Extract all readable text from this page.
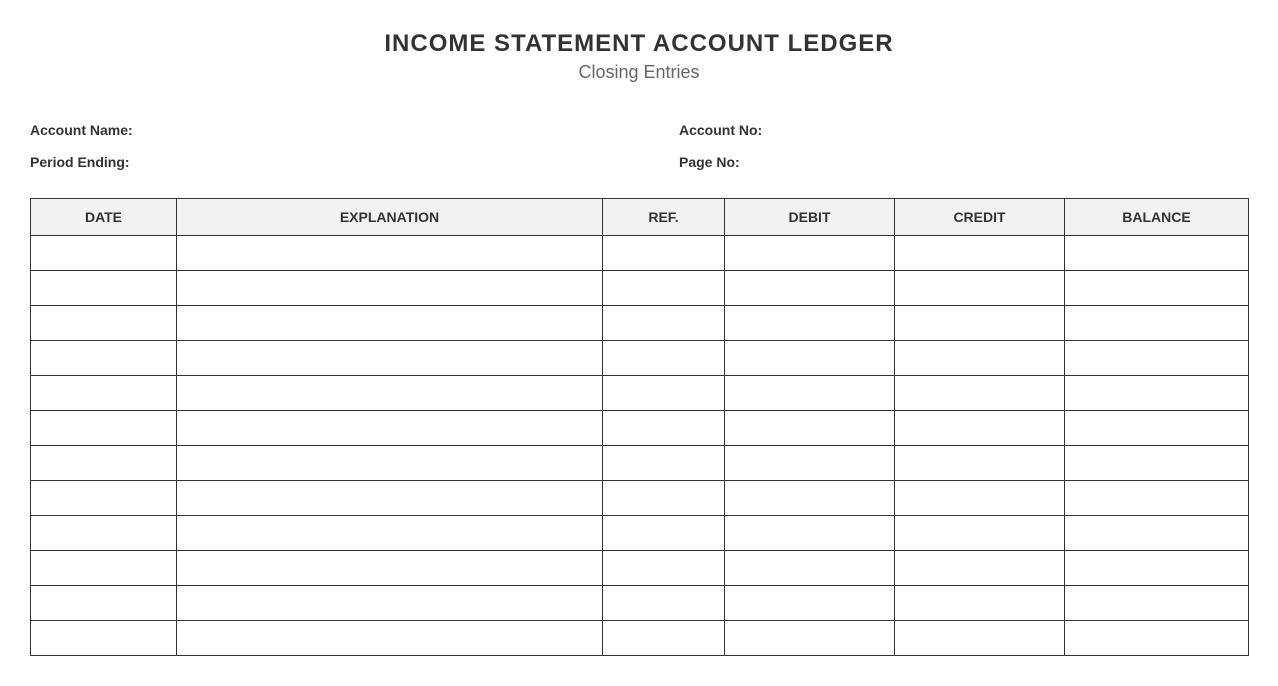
INCOME STATEMENT ACCOUNT LEDGER
Closing Entries
Account Name:
Period Ending:
Account No:
Page No:
DATE	EXPLANATION	REF.	DEBIT	CREDIT	BALANCE
